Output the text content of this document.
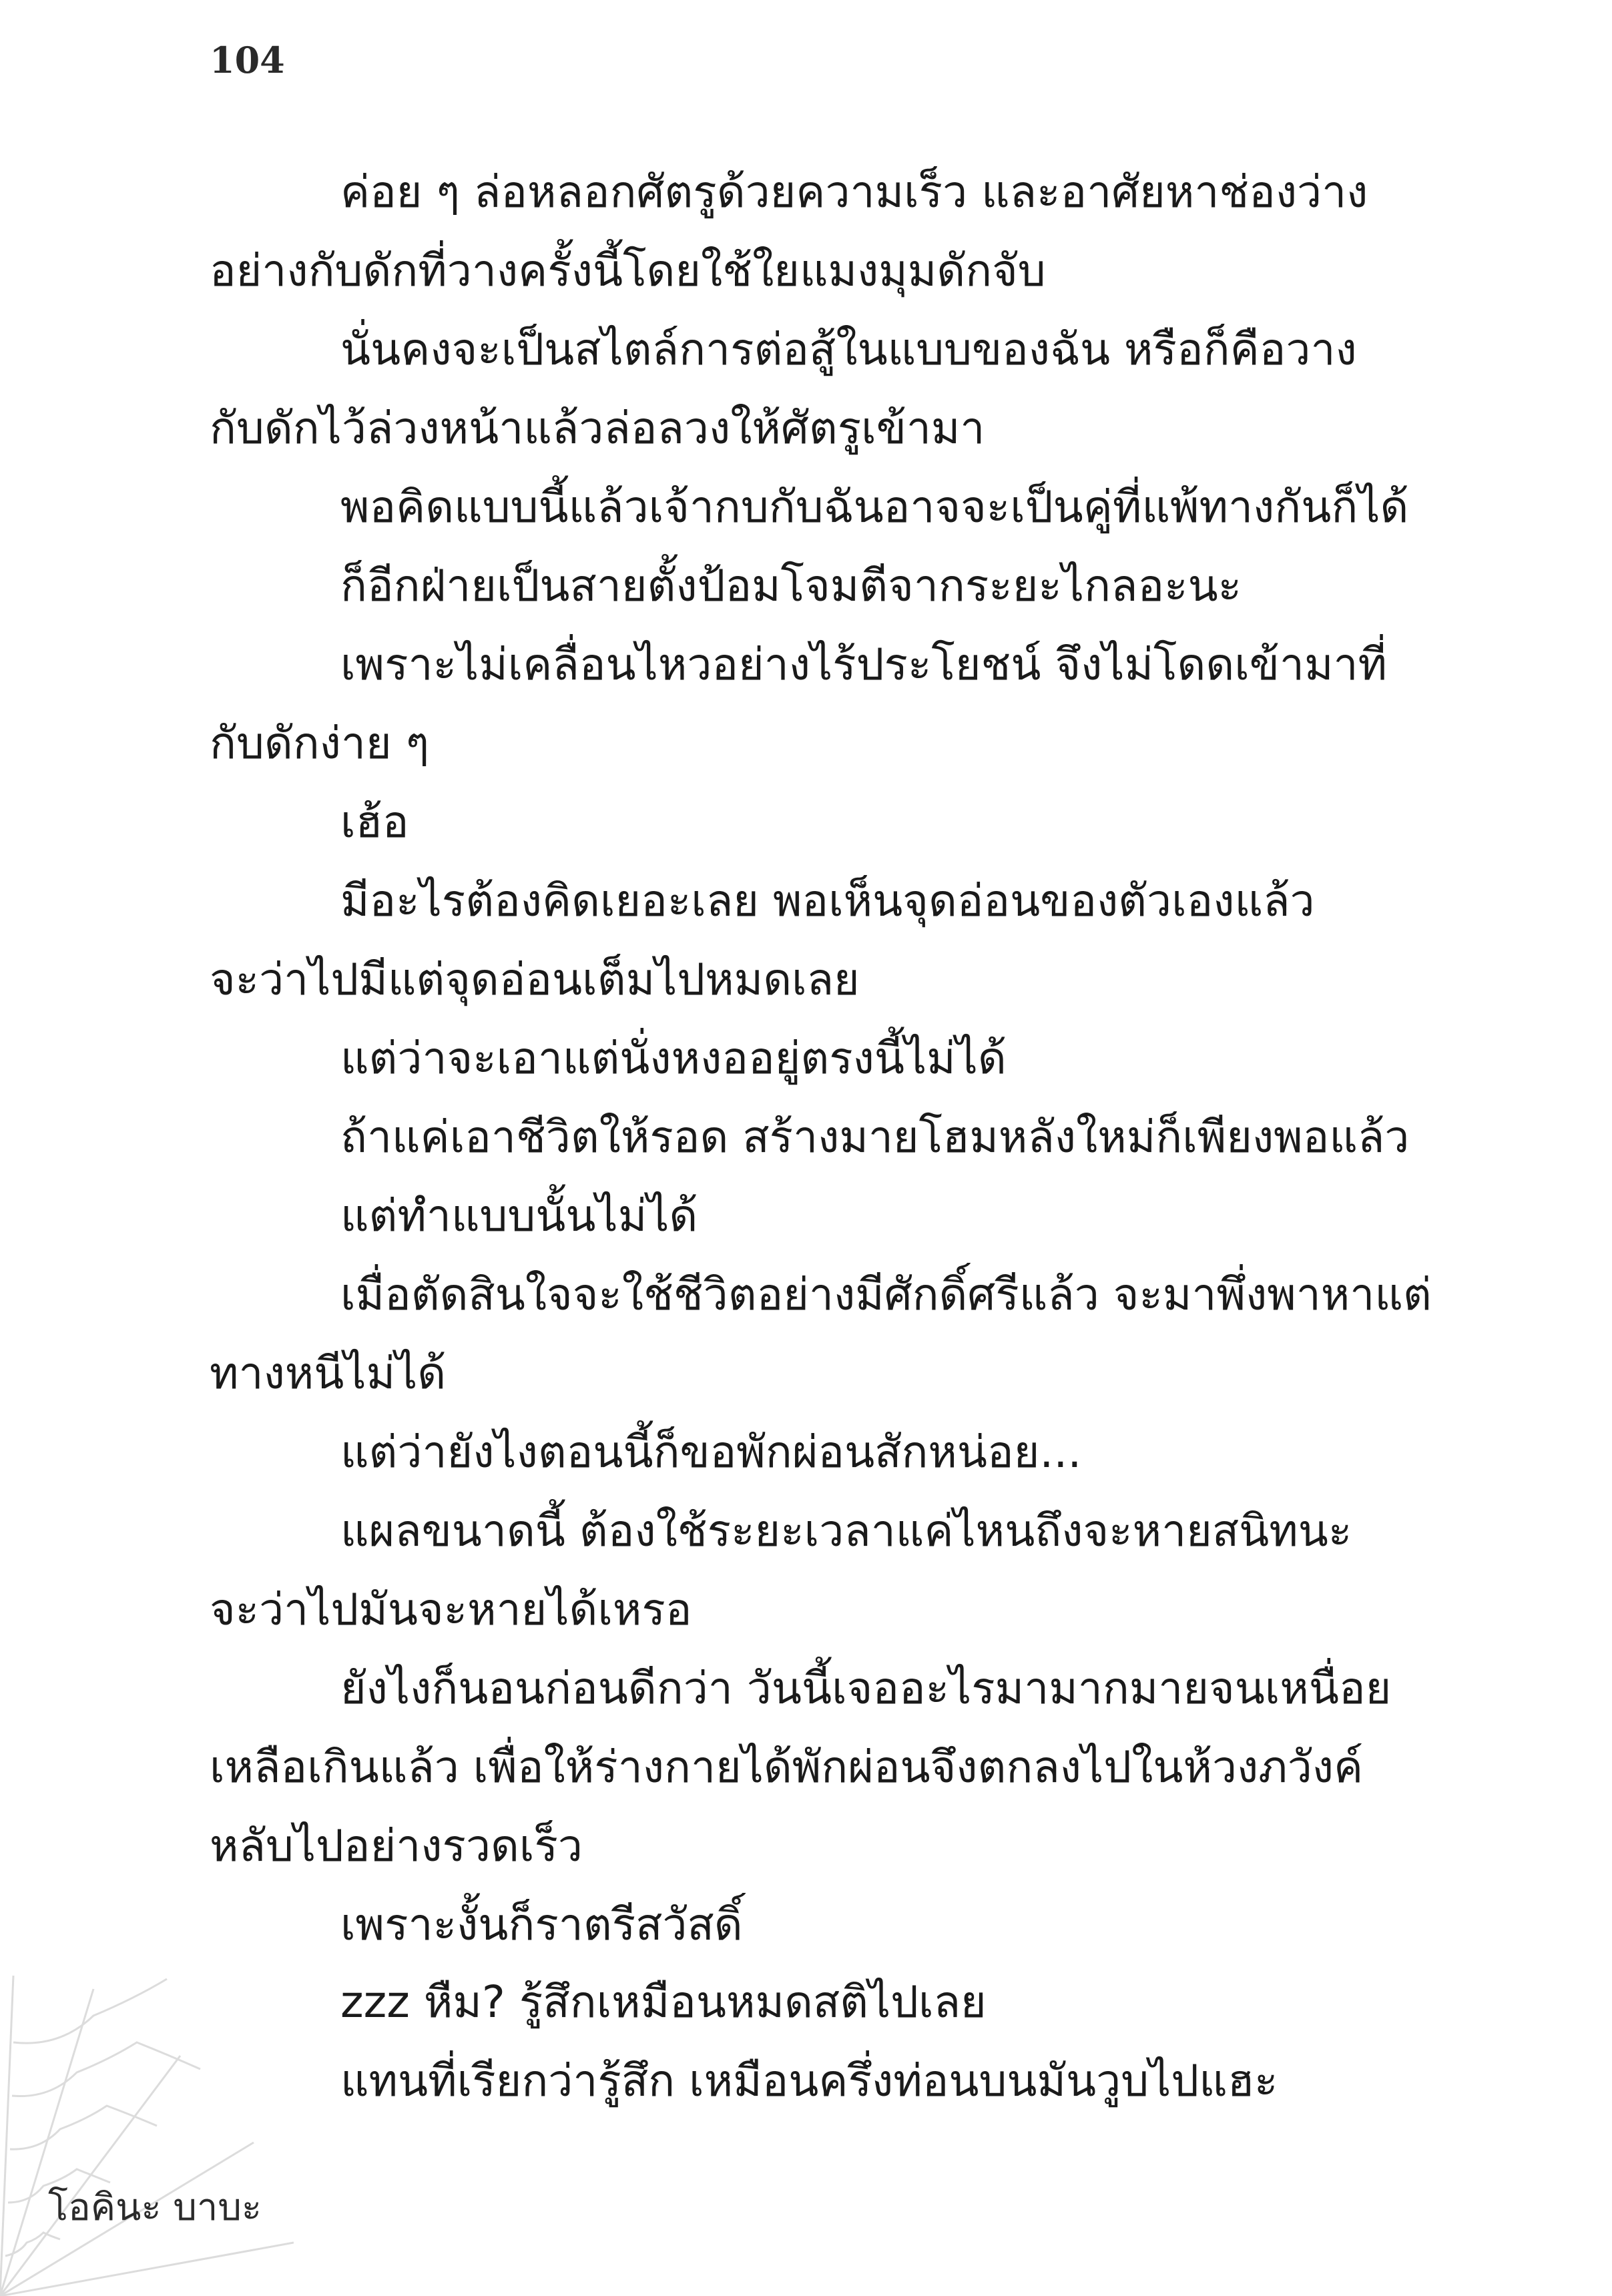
104
ค่อย ๆ ล่อหลอกศัตรูด้วยความเร็ว และอาศัยหาช่องว่าง
อย่างกับดักที่วางครั้งนี้โดยใช้ใยแมงมุมดักจับ
นั่นคงจะเป็นสไตล์การต่อสู้ในแบบของฉัน หรือก็คือวาง
กับดักไว้ล่วงหน้าแล้วล่อลวงให้ศัตรูเข้ามา
พอคิดแบบนี้แล้วเจ้ากบกับฉันอาจจะเป็นคู่ที่แพ้ทางกันก็ได้
ก็อีกฝ่ายเป็นสายตั้งป้อมโจมตีจากระยะไกลอะนะ
เพราะไม่เคลื่อนไหวอย่างไร้ประโยชน์ จึงไม่โดดเข้ามาที่
กับดักง่าย ๆ
เฮ้อ
มีอะไรต้องคิดเยอะเลย พอเห็นจุดอ่อนของตัวเองแล้ว
จะว่าไปมีแต่จุดอ่อนเต็มไปหมดเลย
แต่ว่าจะเอาแต่นั่งหงออยู่ตรงนี้ไม่ได้
ถ้าแค่เอาชีวิตให้รอด สร้างมายโฮมหลังใหม่ก็เพียงพอแล้ว
แต่ทำแบบนั้นไม่ได้
เมื่อตัดสินใจจะใช้ชีวิตอย่างมีศักดิ์ศรีแล้ว จะมาพึ่งพาหาแต่
ทางหนีไม่ได้
แต่ว่ายังไงตอนนี้ก็ขอพักผ่อนสักหน่อย...
แผลขนาดนี้ ต้องใช้ระยะเวลาแค่ไหนถึงจะหายสนิทนะ
จะว่าไปมันจะหายได้เหรอ
ยังไงก็นอนก่อนดีกว่า วันนี้เจออะไรมามากมายจนเหนื่อย
เหลือเกินแล้ว เพื่อให้ร่างกายได้พักผ่อนจึงตกลงไปในห้วงภวังค์
หลับไปอย่างรวดเร็ว
เพราะงั้นก็ราตรีสวัสดิ์
zzz หืม? รู้สึกเหมือนหมดสติไปเลย
แทนที่เรียกว่ารู้สึก เหมือนครึ่งท่อนบนมันวูบไปแฮะ
โอคินะ บาบะ
